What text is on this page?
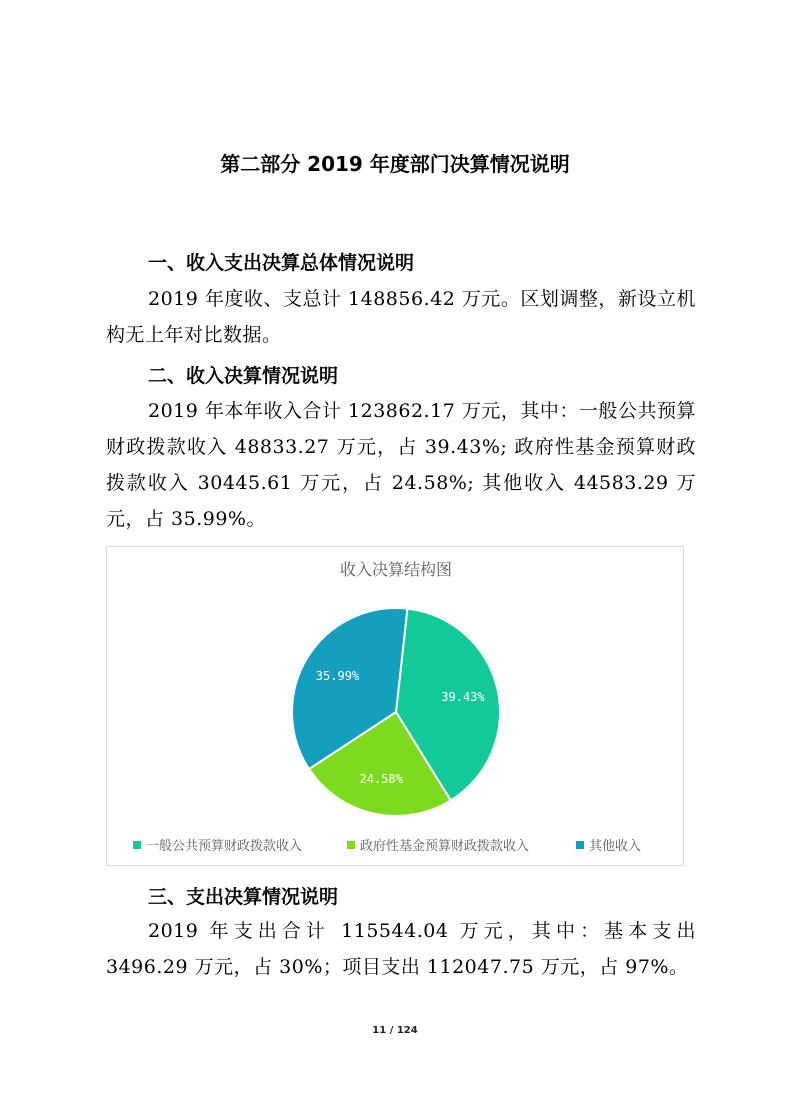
第二部分 2019 年度部门决算情况说明
一、收入支出决算总体情况说明

2019 年度收、支总计 148856.42 万元。区划调整，新设立机构无上年对比数据。

二、收入决算情况说明

2019 年本年收入合计 123862.17 万元，其中：一般公共预算财政拨款收入 48833.27 万元，占 39.43%; 政府性基金预算财政拨款收入 30445.61 万元，占 24.58%; 其他收入 44583.29 万元，占 35.99%。

收入决算结构图
39.43%
24.58%
35.99%
一般公共预算财政拨款收入	政府性基金预算财政拨款收入	其他收入
三、支出决算情况说明

2019 年支出合计 115544.04 万元，其中：基本支出 3496.29 万元，占 30%；项目支出 112047.75 万元，占 97%。

11 / 124
